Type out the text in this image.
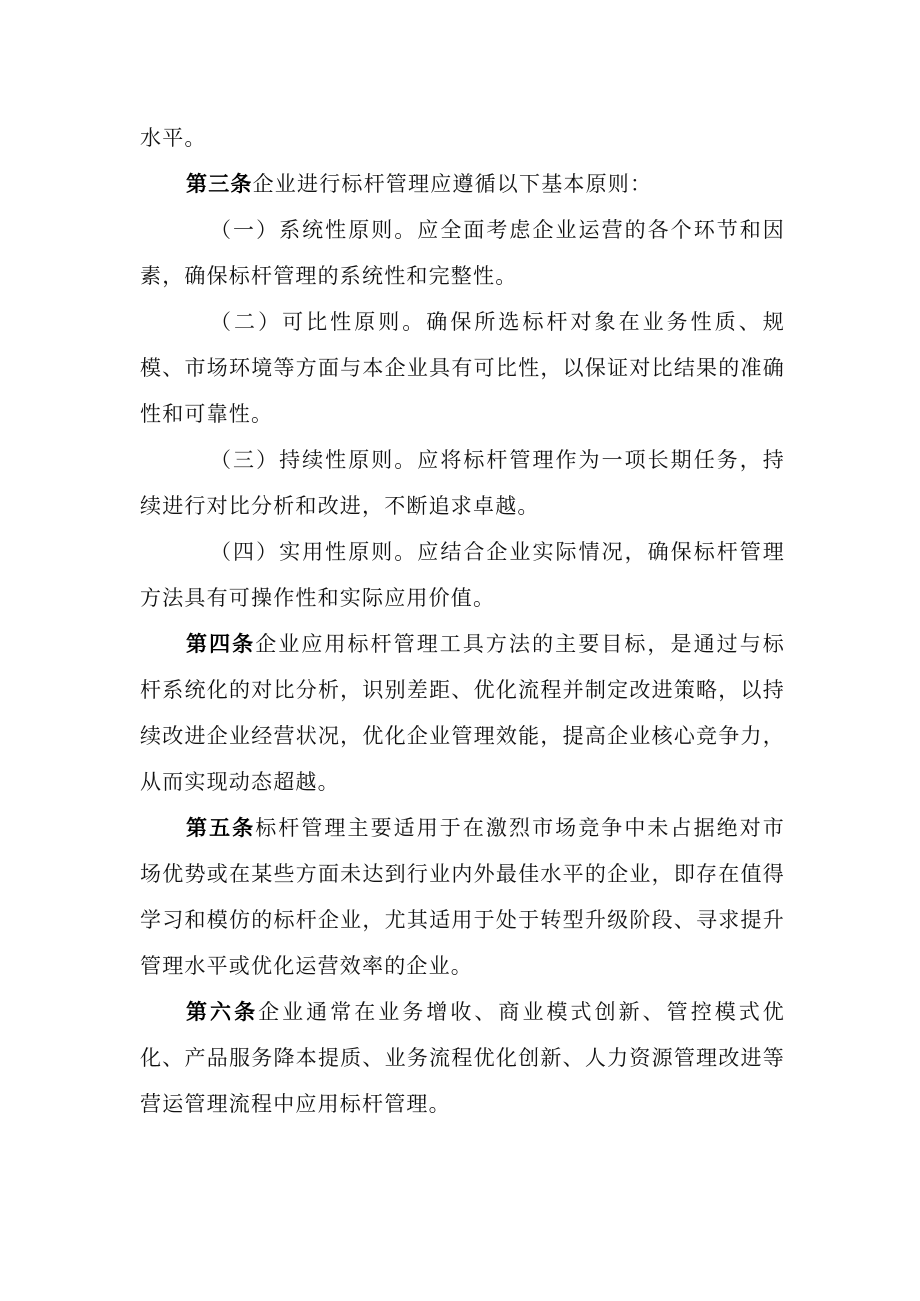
水平。

第三条企业进行标杆管理应遵循以下基本原则：

（一）系统性原则。应全面考虑企业运营的各个环节和因素，确保标杆管理的系统性和完整性。

（二）可比性原则。确保所选标杆对象在业务性质、规模、市场环境等方面与本企业具有可比性，以保证对比结果的准确性和可靠性。

（三）持续性原则。应将标杆管理作为一项长期任务，持续进行对比分析和改进，不断追求卓越。

（四）实用性原则。应结合企业实际情况，确保标杆管理方法具有可操作性和实际应用价值。

第四条企业应用标杆管理工具方法的主要目标，是通过与标杆系统化的对比分析，识别差距、优化流程并制定改进策略，以持续改进企业经营状况，优化企业管理效能，提高企业核心竞争力，从而实现动态超越。

第五条标杆管理主要适用于在激烈市场竞争中未占据绝对市场优势或在某些方面未达到行业内外最佳水平的企业，即存在值得学习和模仿的标杆企业，尤其适用于处于转型升级阶段、寻求提升管理水平或优化运营效率的企业。

第六条企业通常在业务增收、商业模式创新、管控模式优化、产品服务降本提质、业务流程优化创新、人力资源管理改进等营运管理流程中应用标杆管理。
